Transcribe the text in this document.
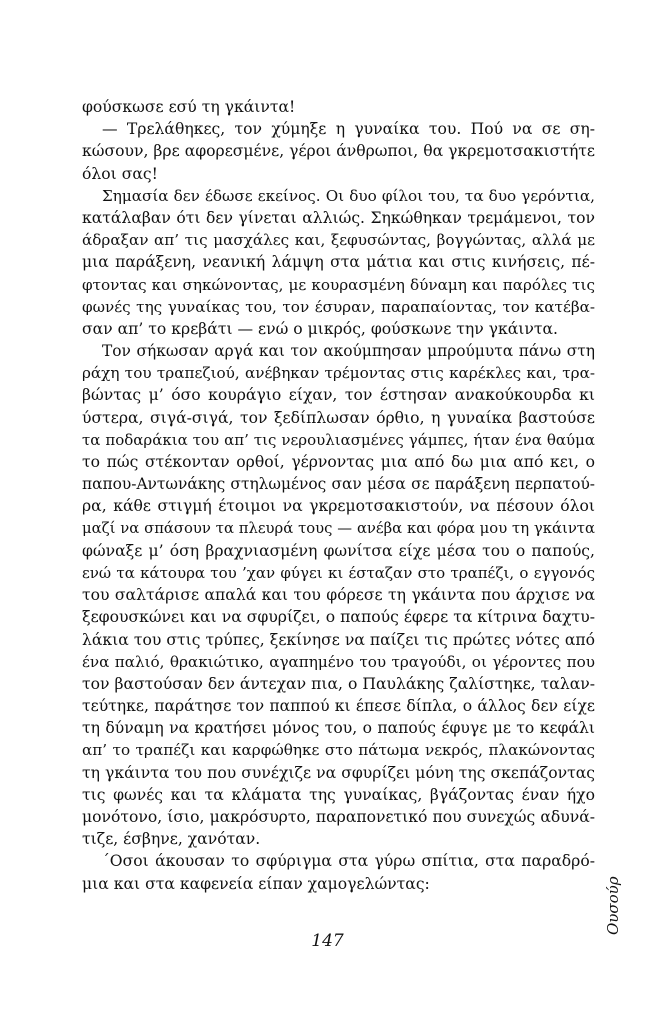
φούσκωσε εσύ τη γκάιντα!

— Τρελάθηκες, τον χύμηξε η γυναίκα του. Πού να σε ση-
κώσουν, βρε αφορεσμένε, γέροι άνθρωποι, θα γκρεμοτσακιστήτε
όλοι σας!

Σημασία δεν έδωσε εκείνος. Οι δυο φίλοι του, τα δυο γερόντια,
κατάλαβαν ότι δεν γίνεται αλλιώς. Σηκώθηκαν τρεμάμενοι, τον
άδραξαν απ’ τις μασχάλες και, ξεφυσώντας, βογγώντας, αλλά με
μια παράξενη, νεανική λάμψη στα μάτια και στις κινήσεις, πέ-
φτοντας και σηκώνοντας, με κουρασμένη δύναμη και παρόλες τις
φωνές της γυναίκας του, τον έσυραν, παραπαίοντας, τον κατέβα-
σαν απ’ το κρεβάτι — ενώ ο μικρός, φούσκωνε την γκάιντα.

Τον σήκωσαν αργά και τον ακούμπησαν μπρούμυτα πάνω στη
ράχη του τραπεζιού, ανέβηκαν τρέμοντας στις καρέκλες και, τρα-
βώντας μ’ όσο κουράγιο είχαν, τον έστησαν ανακούκουρδα κι
ύστερα, σιγά-σιγά, τον ξεδίπλωσαν όρθιο, η γυναίκα βαστούσε
τα ποδαράκια του απ’ τις νερουλιασμένες γάμπες, ήταν ένα θαύμα
το πώς στέκονταν ορθοί, γέρνοντας μια από δω μια από κει, ο
παπου-Αντωνάκης στηλωμένος σαν μέσα σε παράξενη περπατού-
ρα, κάθε στιγμή έτοιμοι να γκρεμοτσακιστούν, να πέσουν όλοι
μαζί να σπάσουν τα πλευρά τους — ανέβα και φόρα μου τη γκάιντα
φώναξε μ’ όση βραχνιασμένη φωνίτσα είχε μέσα του ο παπούς,
ενώ τα κάτουρα του ’χαν φύγει κι έσταζαν στο τραπέζι, ο εγγονός
του σαλτάρισε απαλά και του φόρεσε τη γκάιντα που άρχισε να
ξεφουσκώνει και να σφυρίζει, ο παπούς έφερε τα κίτρινα δαχτυ-
λάκια του στις τρύπες, ξεκίνησε να παίζει τις πρώτες νότες από
ένα παλιό, θρακιώτικο, αγαπημένο του τραγούδι, οι γέροντες που
τον βαστούσαν δεν άντεχαν πια, ο Παυλάκης ζαλίστηκε, ταλαν-
τεύτηκε, παράτησε τον παππού κι έπεσε δίπλα, ο άλλος δεν είχε
τη δύναμη να κρατήσει μόνος του, ο παπούς έφυγε με το κεφάλι
απ’ το τραπέζι και καρφώθηκε στο πάτωμα νεκρός, πλακώνοντας
τη γκάιντα του που συνέχιζε να σφυρίζει μόνη της σκεπάζοντας
τις φωνές και τα κλάματα της γυναίκας, βγάζοντας έναν ήχο
μονότονο, ίσιο, μακρόσυρτο, παραπονετικό που συνεχώς αδυνά-
τιζε, έσβηνε, χανόταν.

΄Οσοι άκουσαν το σφύριγμα στα γύρω σπίτια, στα παραδρό-
μια και στα καφενεία είπαν χαμογελώντας:

147
Ουσούρ
